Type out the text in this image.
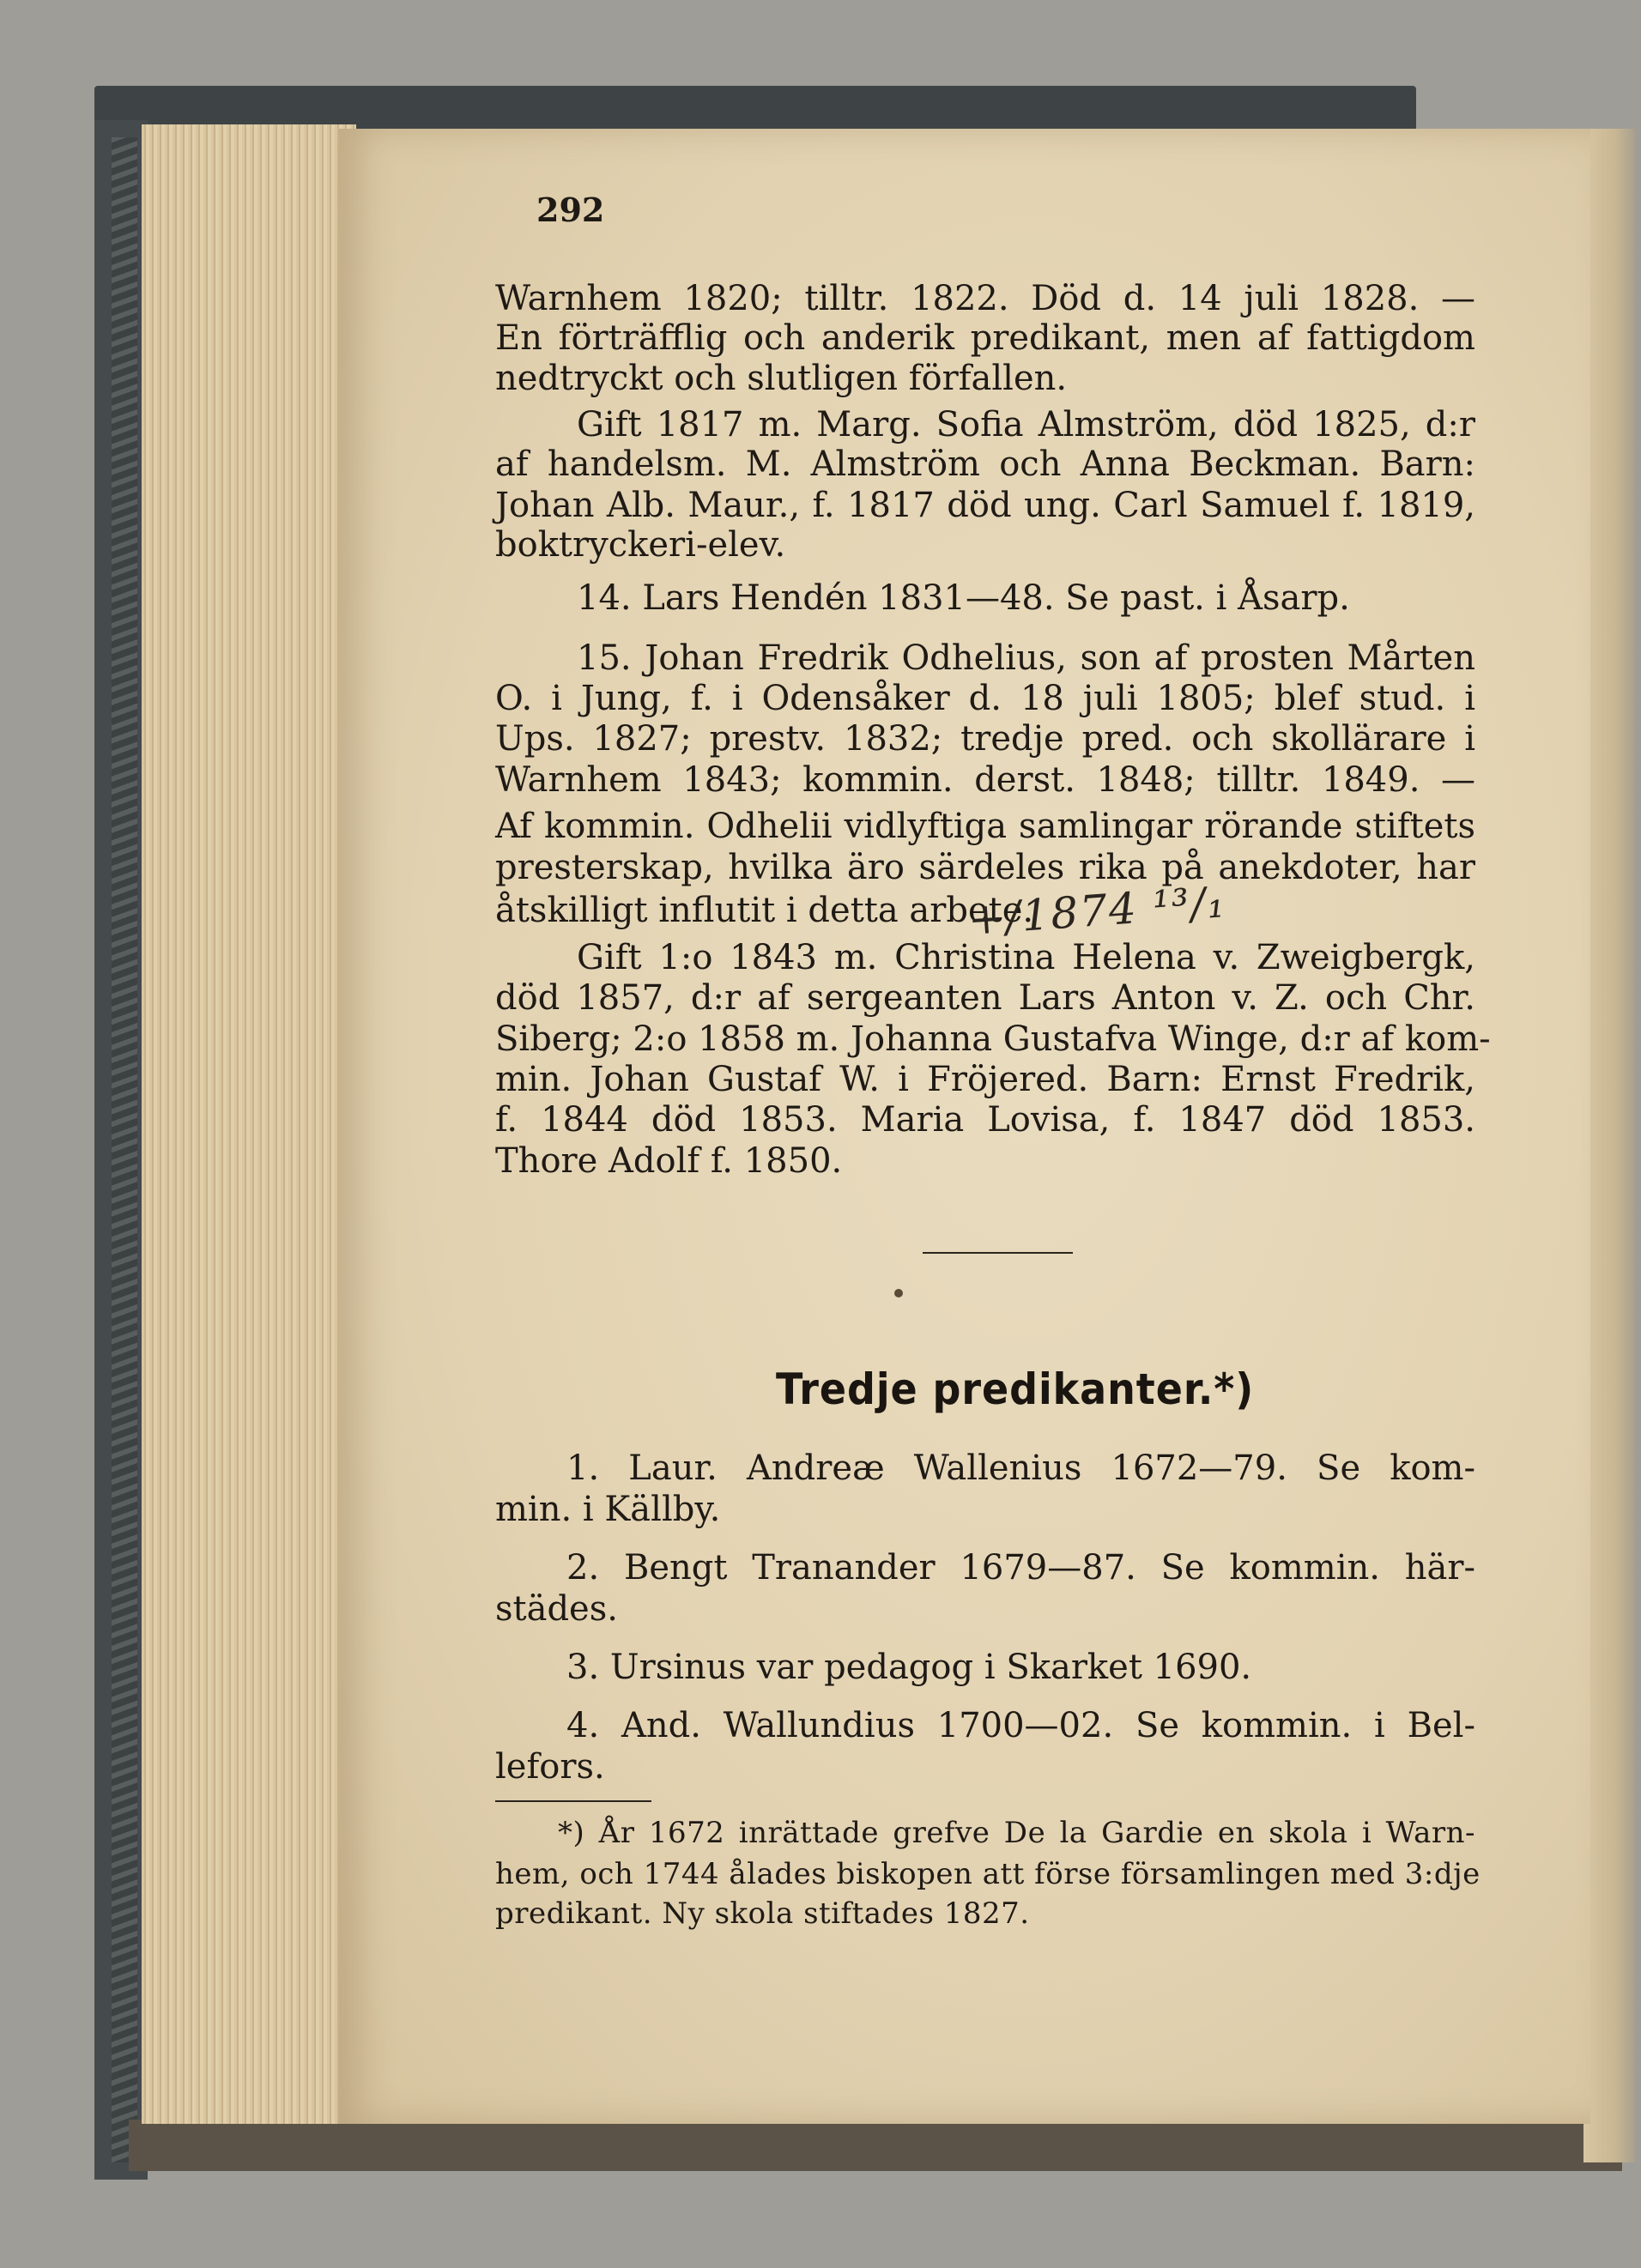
292
Warnhem 1820; tilltr. 1822. Död d. 14 juli 1828. —
En förträfflig och anderik predikant, men af fattigdom
nedtryckt och slutligen förfallen.
Gift 1817 m. Marg. Sofia Almström, död 1825, d:r
af handelsm. M. Almström och Anna Beckman. Barn:
Johan Alb. Maur., f. 1817 död ung. Carl Samuel f. 1819,
boktryckeri-elev.
14. Lars Hendén 1831—48. Se past. i Åsarp.
15. Johan Fredrik Odhelius, son af prosten Mårten
O. i Jung, f. i Odensåker d. 18 juli 1805; blef stud. i
Ups. 1827; prestv. 1832; tredje pred. och skollärare i
Warnhem 1843; kommin. derst. 1848; tilltr. 1849. —
Af kommin. Odhelii vidlyftiga samlingar rörande stiftets
presterskap, hvilka äro särdeles rika på anekdoter, har
åtskilligt influtit i detta arbete.
+/1874 ¹³/₁
Gift 1:o 1843 m. Christina Helena v. Zweigbergk,
död 1857, d:r af sergeanten Lars Anton v. Z. och Chr.
Siberg; 2:o 1858 m. Johanna Gustafva Winge, d:r af kom-
min. Johan Gustaf W. i Fröjered. Barn: Ernst Fredrik,
f. 1844 död 1853. Maria Lovisa, f. 1847 död 1853.
Thore Adolf f. 1850.
Tredje predikanter.*)
1. Laur. Andreæ Wallenius 1672—79. Se kom-
min. i Källby.
2. Bengt Tranander 1679—87. Se kommin. här-
städes.
3. Ursinus var pedagog i Skarket 1690.
4. And. Wallundius 1700—02. Se kommin. i Bel-
lefors.
*) År 1672 inrättade grefve De la Gardie en skola i Warn-
hem, och 1744 ålades biskopen att förse församlingen med 3:dje
predikant. Ny skola stiftades 1827.
